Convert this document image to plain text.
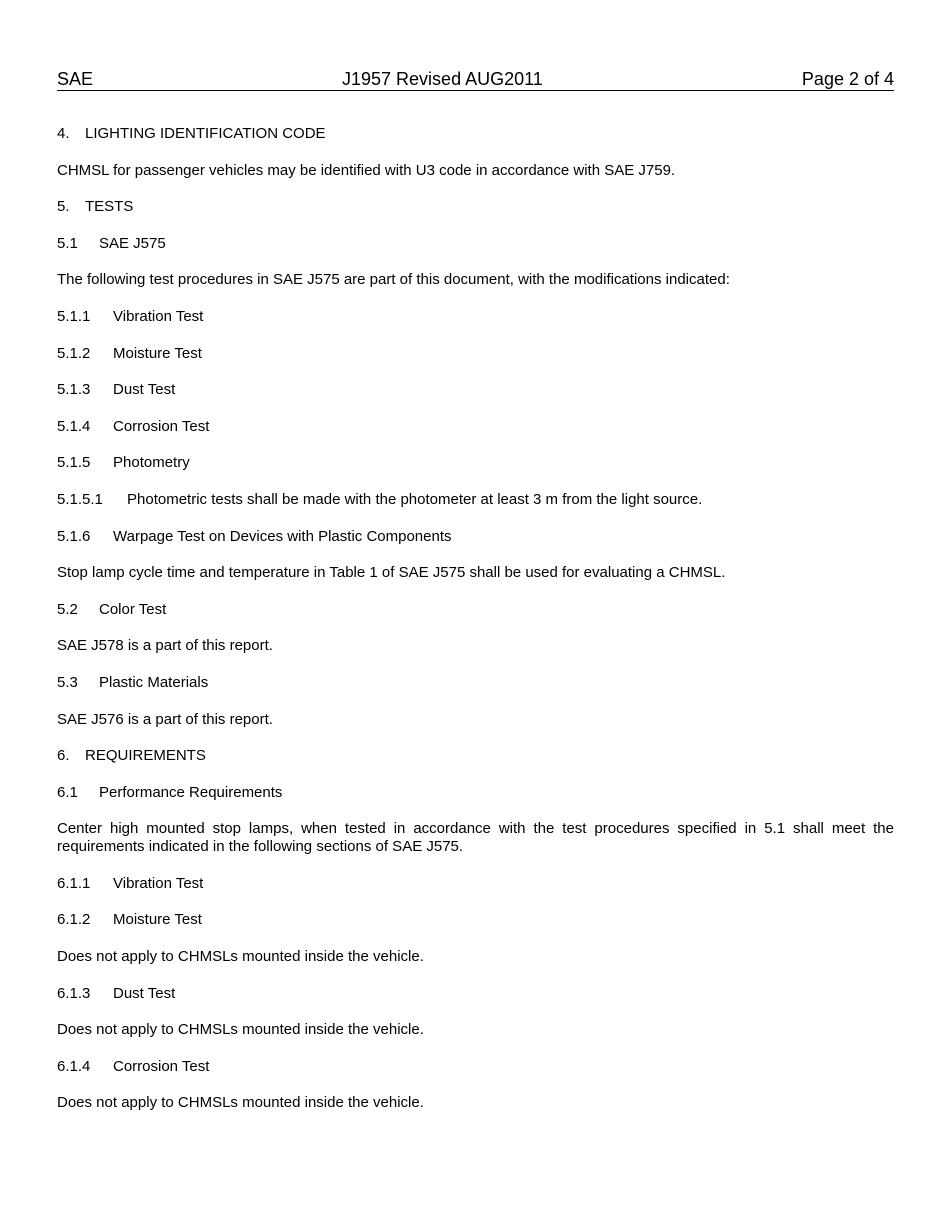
SAE	J1957 Revised AUG2011	Page 2 of 4
4.	LIGHTING IDENTIFICATION CODE
CHMSL for passenger vehicles may be identified with U3 code in accordance with SAE J759.
5.	TESTS
5.1	SAE J575
The following test procedures in SAE J575 are part of this document, with the modifications indicated:
5.1.1	Vibration Test
5.1.2	Moisture Test
5.1.3	Dust Test
5.1.4	Corrosion Test
5.1.5	Photometry
5.1.5.1	Photometric tests shall be made with the photometer at least 3 m from the light source.
5.1.6	Warpage Test on Devices with Plastic Components
Stop lamp cycle time and temperature in Table 1 of SAE J575 shall be used for evaluating a CHMSL.
5.2	Color Test
SAE J578 is a part of this report.
5.3	Plastic Materials
SAE J576 is a part of this report.
6.	REQUIREMENTS
6.1	Performance Requirements
Center high mounted stop lamps, when tested in accordance with the test procedures specified in 5.1 shall meet the requirements indicated in the following sections of SAE J575.
6.1.1	Vibration Test
6.1.2	Moisture Test
Does not apply to CHMSLs mounted inside the vehicle.
6.1.3	Dust Test
Does not apply to CHMSLs mounted inside the vehicle.
6.1.4	Corrosion Test
Does not apply to CHMSLs mounted inside the vehicle.
